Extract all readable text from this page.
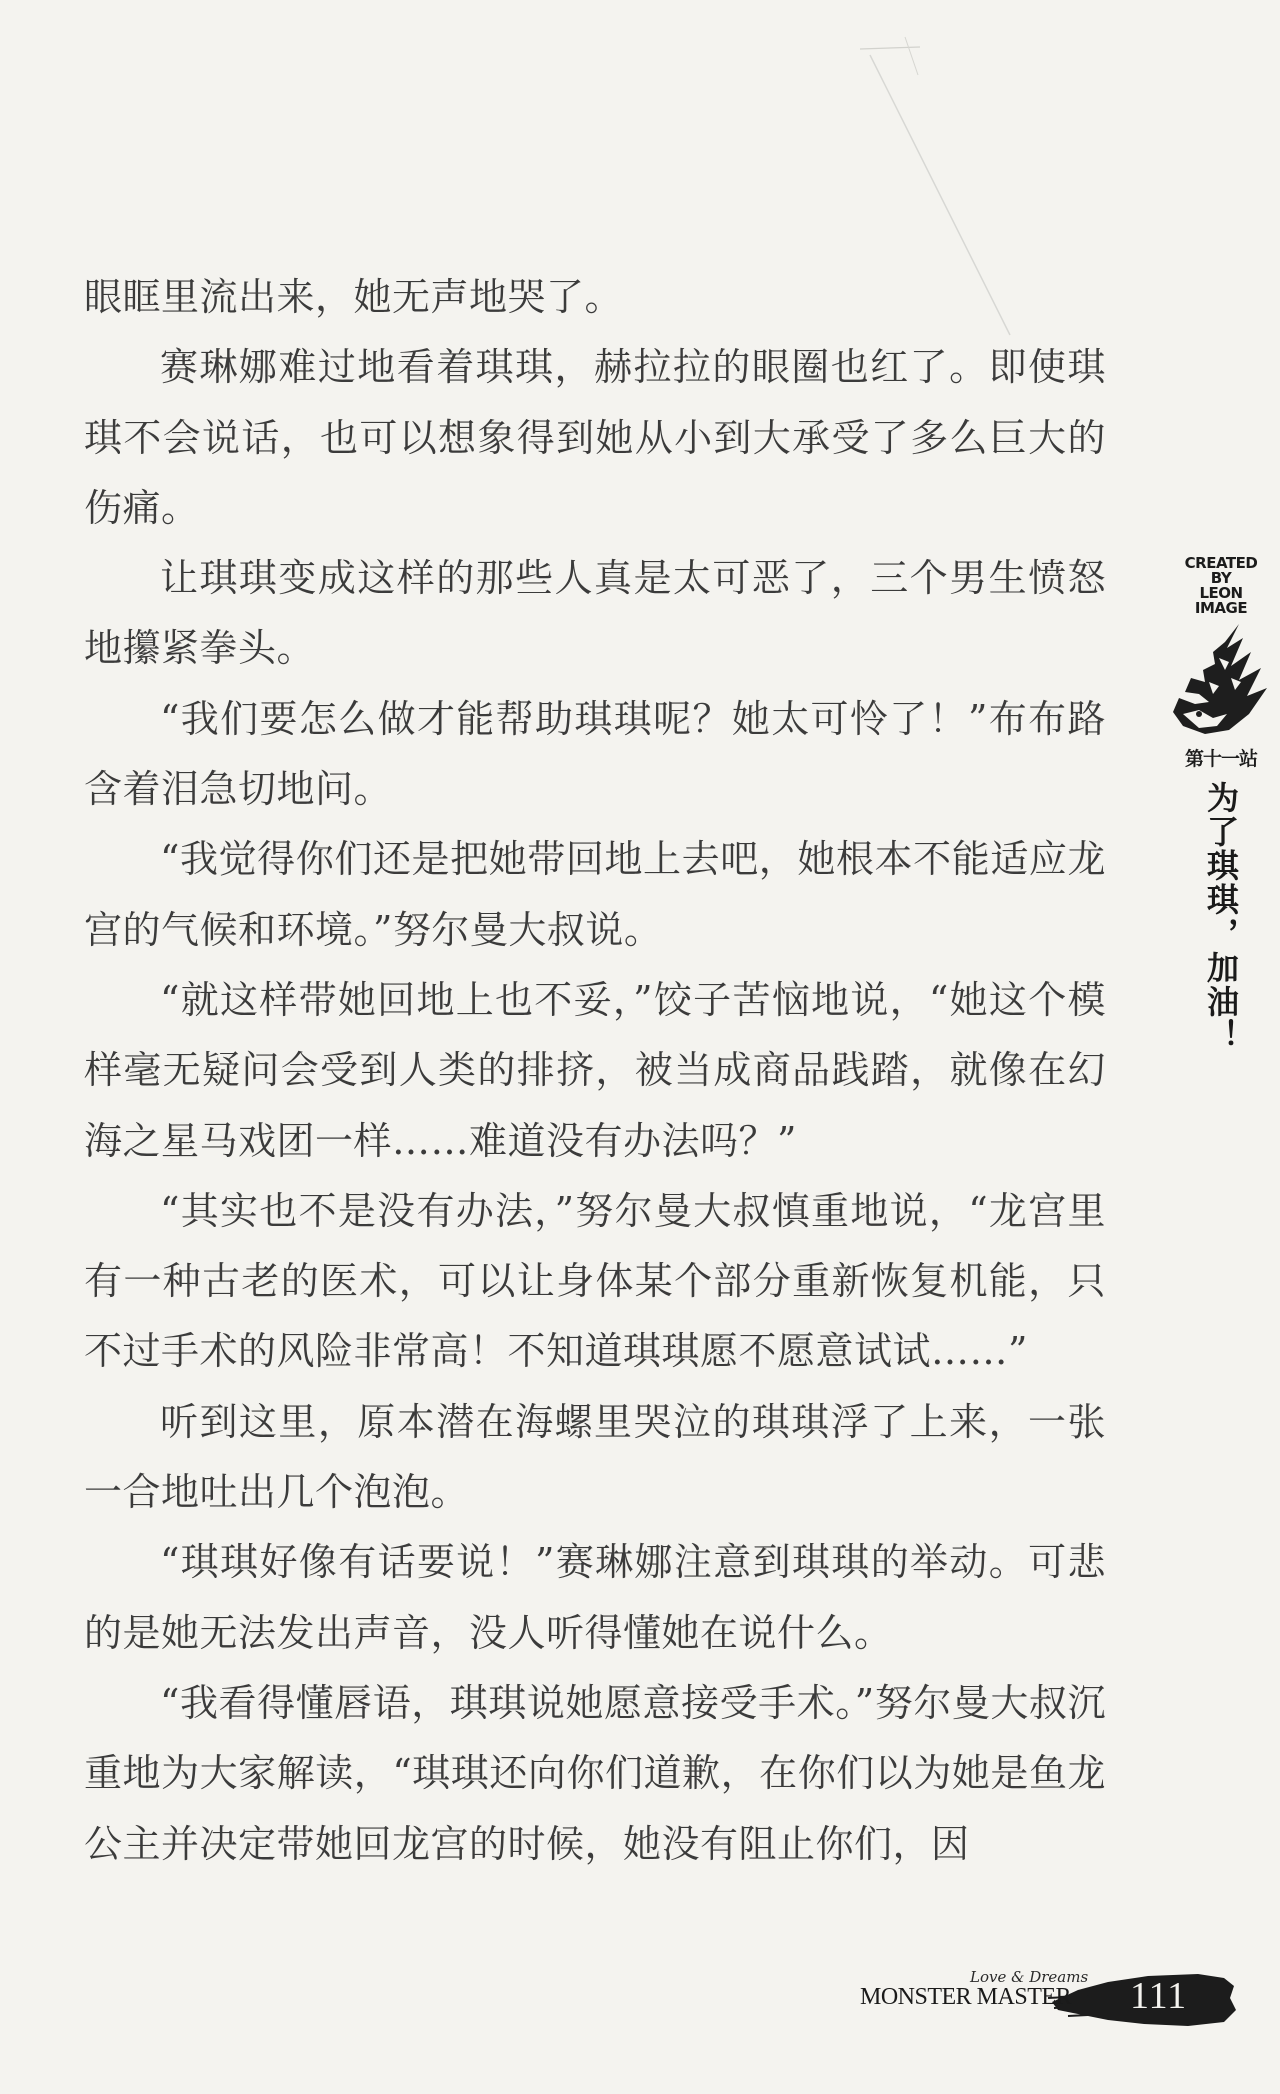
眼眶里流出来，她无声地哭了。

赛琳娜难过地看着琪琪，赫拉拉的眼圈也红了。即使琪琪不会说话，也可以想象得到她从小到大承受了多么巨大的伤痛。

让琪琪变成这样的那些人真是太可恶了，三个男生愤怒地攥紧拳头。

“我们要怎么做才能帮助琪琪呢？她太可怜了！”布布路含着泪急切地问。

“我觉得你们还是把她带回地上去吧，她根本不能适应龙宫的气候和环境。”努尔曼大叔说。

“就这样带她回地上也不妥，”饺子苦恼地说，“她这个模样毫无疑问会受到人类的排挤，被当成商品践踏，就像在幻海之星马戏团一样……难道没有办法吗？”

“其实也不是没有办法，”努尔曼大叔慎重地说，“龙宫里有一种古老的医术，可以让身体某个部分重新恢复机能，只不过手术的风险非常高！不知道琪琪愿不愿意试试……”

听到这里，原本潜在海螺里哭泣的琪琪浮了上来，一张一合地吐出几个泡泡。

“琪琪好像有话要说！”赛琳娜注意到琪琪的举动。可悲的是她无法发出声音，没人听得懂她在说什么。

“我看得懂唇语，琪琪说她愿意接受手术。”努尔曼大叔沉重地为大家解读，“琪琪还向你们道歉，在你们以为她是鱼龙公主并决定带她回龙宫的时候，她没有阻止你们，因

CREATED
BY
LEON
IMAGE
第十一站
为了琪琪，加油！
Love & Dreams
MONSTER MASTER 111
